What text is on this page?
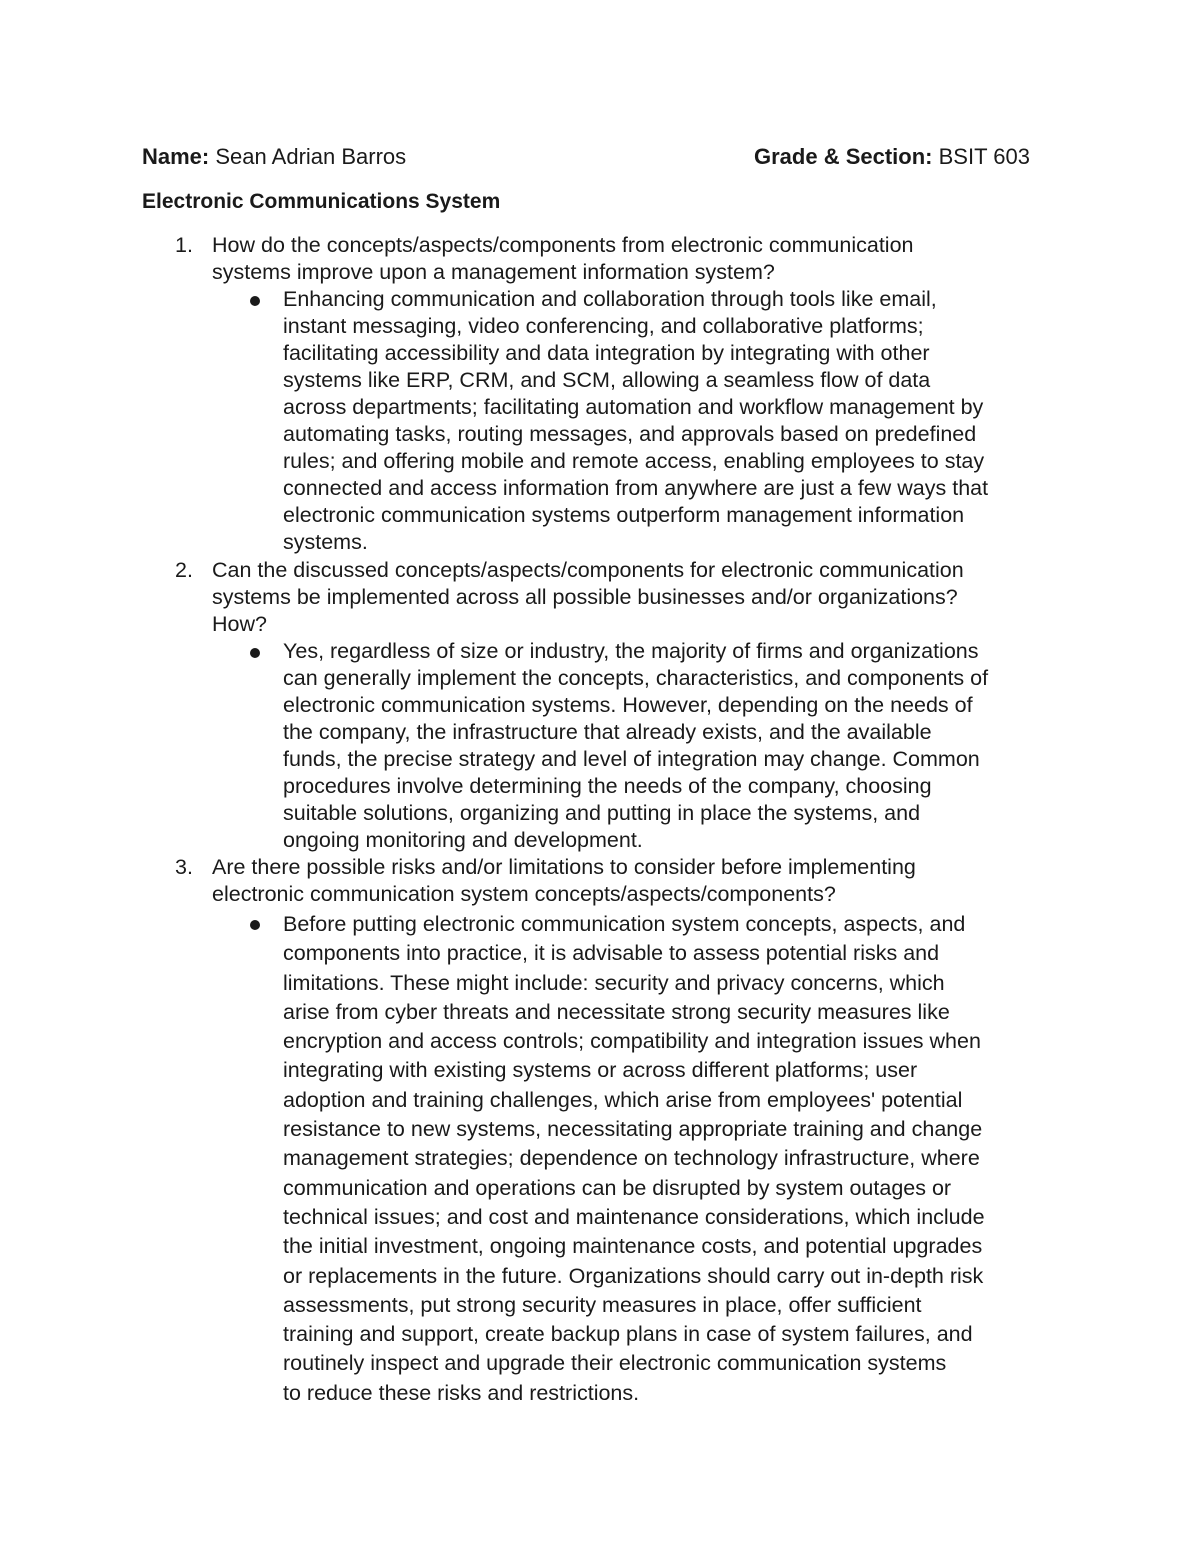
Name: Sean Adrian Barros	Grade & Section: BSIT 603
Electronic Communications System
1. How do the concepts/aspects/components from electronic communication
systems improve upon a management information system?
Enhancing communication and collaboration through tools like email,
instant messaging, video conferencing, and collaborative platforms;
facilitating accessibility and data integration by integrating with other
systems like ERP, CRM, and SCM, allowing a seamless flow of data
across departments; facilitating automation and workflow management by
automating tasks, routing messages, and approvals based on predefined
rules; and offering mobile and remote access, enabling employees to stay
connected and access information from anywhere are just a few ways that
electronic communication systems outperform management information
systems.
2. Can the discussed concepts/aspects/components for electronic communication
systems be implemented across all possible businesses and/or organizations?
How?
Yes, regardless of size or industry, the majority of firms and organizations
can generally implement the concepts, characteristics, and components of
electronic communication systems. However, depending on the needs of
the company, the infrastructure that already exists, and the available
funds, the precise strategy and level of integration may change. Common
procedures involve determining the needs of the company, choosing
suitable solutions, organizing and putting in place the systems, and
ongoing monitoring and development.
3. Are there possible risks and/or limitations to consider before implementing
electronic communication system concepts/aspects/components?
Before putting electronic communication system concepts, aspects, and
components into practice, it is advisable to assess potential risks and
limitations. These might include: security and privacy concerns, which
arise from cyber threats and necessitate strong security measures like
encryption and access controls; compatibility and integration issues when
integrating with existing systems or across different platforms; user
adoption and training challenges, which arise from employees' potential
resistance to new systems, necessitating appropriate training and change
management strategies; dependence on technology infrastructure, where
communication and operations can be disrupted by system outages or
technical issues; and cost and maintenance considerations, which include
the initial investment, ongoing maintenance costs, and potential upgrades
or replacements in the future. Organizations should carry out in-depth risk
assessments, put strong security measures in place, offer sufficient
training and support, create backup plans in case of system failures, and
routinely inspect and upgrade their electronic communication systems
to reduce these risks and restrictions.
